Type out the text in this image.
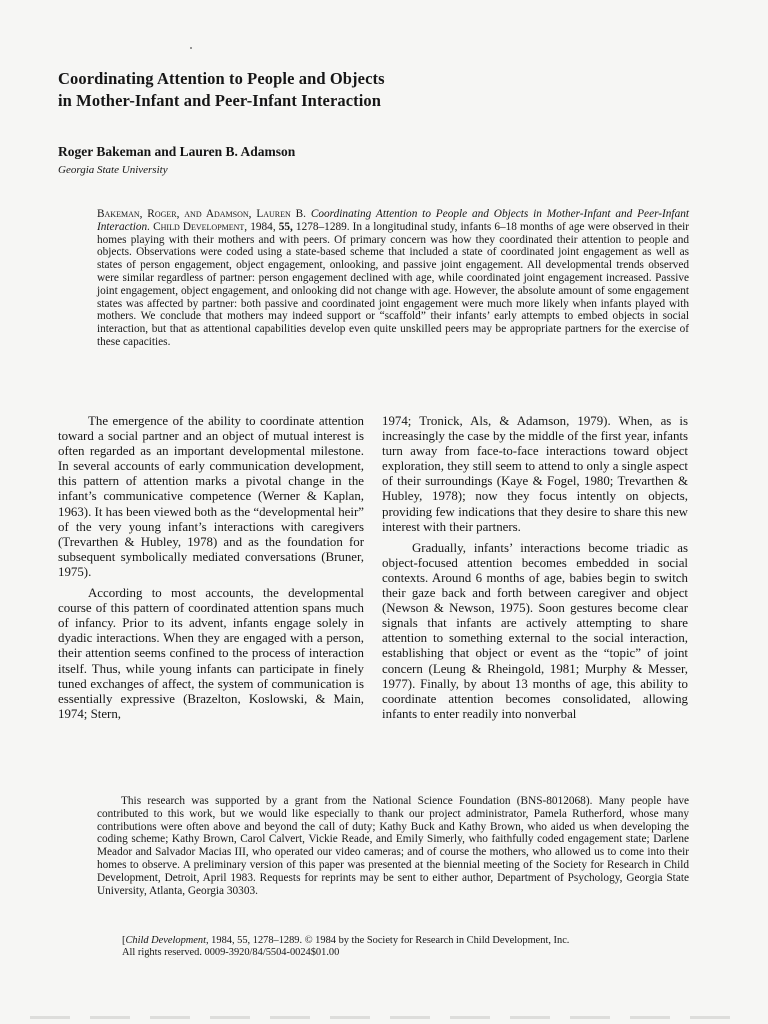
Coordinating Attention to People and Objects
in Mother-Infant and Peer-Infant Interaction
Roger Bakeman and Lauren B. Adamson
Georgia State University

Bakeman, Roger, and Adamson, Lauren B. Coordinating Attention to People and Objects in Mother-Infant and Peer-Infant Interaction. Child Development, 1984, 55, 1278–1289. In a longitudinal study, infants 6–18 months of age were observed in their homes playing with their mothers and with peers. Of primary concern was how they coordinated their attention to people and objects. Observations were coded using a state-based scheme that included a state of coordinated joint engagement as well as states of person engagement, object engagement, onlooking, and passive joint engagement. All developmental trends observed were similar regardless of partner: person engagement declined with age, while coordinated joint engagement increased. Passive joint engagement, object engagement, and onlooking did not change with age. However, the absolute amount of some engagement states was affected by partner: both passive and coordinated joint engagement were much more likely when infants played with mothers. We conclude that mothers may indeed support or “scaffold” their infants’ early attempts to embed objects in social interaction, but that as attentional capabilities develop even quite unskilled peers may be appropriate partners for the exercise of these capacities.

The emergence of the ability to coordinate attention toward a social partner and an object of mutual interest is often regarded as an important developmental milestone. In several accounts of early communication development, this pattern of attention marks a pivotal change in the infant’s communicative competence (Werner & Kaplan, 1963). It has been viewed both as the “developmental heir” of the very young infant’s interactions with caregivers (Trevarthen & Hubley, 1978) and as the foundation for subsequent symbolically mediated conversations (Bruner, 1975).

According to most accounts, the developmental course of this pattern of coordinated attention spans much of infancy. Prior to its advent, infants engage solely in dyadic interactions. When they are engaged with a person, their attention seems confined to the process of interaction itself. Thus, while young infants can participate in finely tuned exchanges of affect, the system of communication is essentially expressive (Brazelton, Koslowski, & Main, 1974; Stern,

1974; Tronick, Als, & Adamson, 1979). When, as is increasingly the case by the middle of the first year, infants turn away from face-to-face interactions toward object exploration, they still seem to attend to only a single aspect of their surroundings (Kaye & Fogel, 1980; Trevarthen & Hubley, 1978); now they focus intently on objects, providing few indications that they desire to share this new interest with their partners.

Gradually, infants’ interactions become triadic as object-focused attention becomes embedded in social contexts. Around 6 months of age, babies begin to switch their gaze back and forth between caregiver and object (Newson & Newson, 1975). Soon gestures become clear signals that infants are actively attempting to share attention to something external to the social interaction, establishing that object or event as the “topic” of joint concern (Leung & Rheingold, 1981; Murphy & Messer, 1977). Finally, by about 13 months of age, this ability to coordinate attention becomes consolidated, allowing infants to enter readily into nonverbal

This research was supported by a grant from the National Science Foundation (BNS-8012068). Many people have contributed to this work, but we would like especially to thank our project administrator, Pamela Rutherford, whose many contributions were often above and beyond the call of duty; Kathy Buck and Kathy Brown, who aided us when developing the coding scheme; Kathy Brown, Carol Calvert, Vickie Reade, and Emily Simerly, who faithfully coded engagement state; Darlene Meador and Salvador Macias III, who operated our video cameras; and of course the mothers, who allowed us to come into their homes to observe. A preliminary version of this paper was presented at the biennial meeting of the Society for Research in Child Development, Detroit, April 1983. Requests for reprints may be sent to either author, Department of Psychology, Georgia State University, Atlanta, Georgia 30303.

[Child Development, 1984, 55, 1278–1289. © 1984 by the Society for Research in Child Development, Inc.

All rights reserved. 0009-3920/84/5504-0024$01.00
